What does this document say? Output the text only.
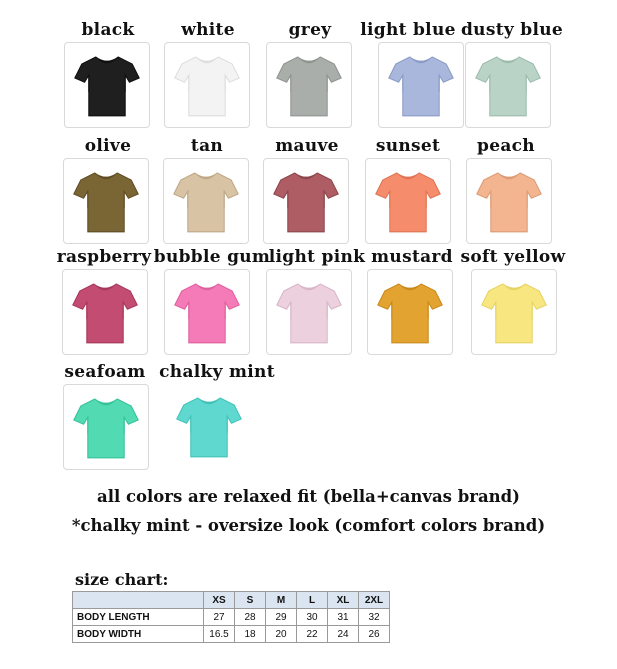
black	white	grey	light blue dusty blue
olive	tan	mauve	sunset	peach
raspberry bubble gum
light pink mustard soft yellow
seafoam chalky mint
all colors are relaxed fit (bella+canvas brand)
*chalky mint - oversize look (comfort colors brand)
size chart:
	XS	S	M	L	XL	2XL
BODY LENGTH	27	28	29	30	31	32
BODY WIDTH	16.5	18	20	22	24	26
